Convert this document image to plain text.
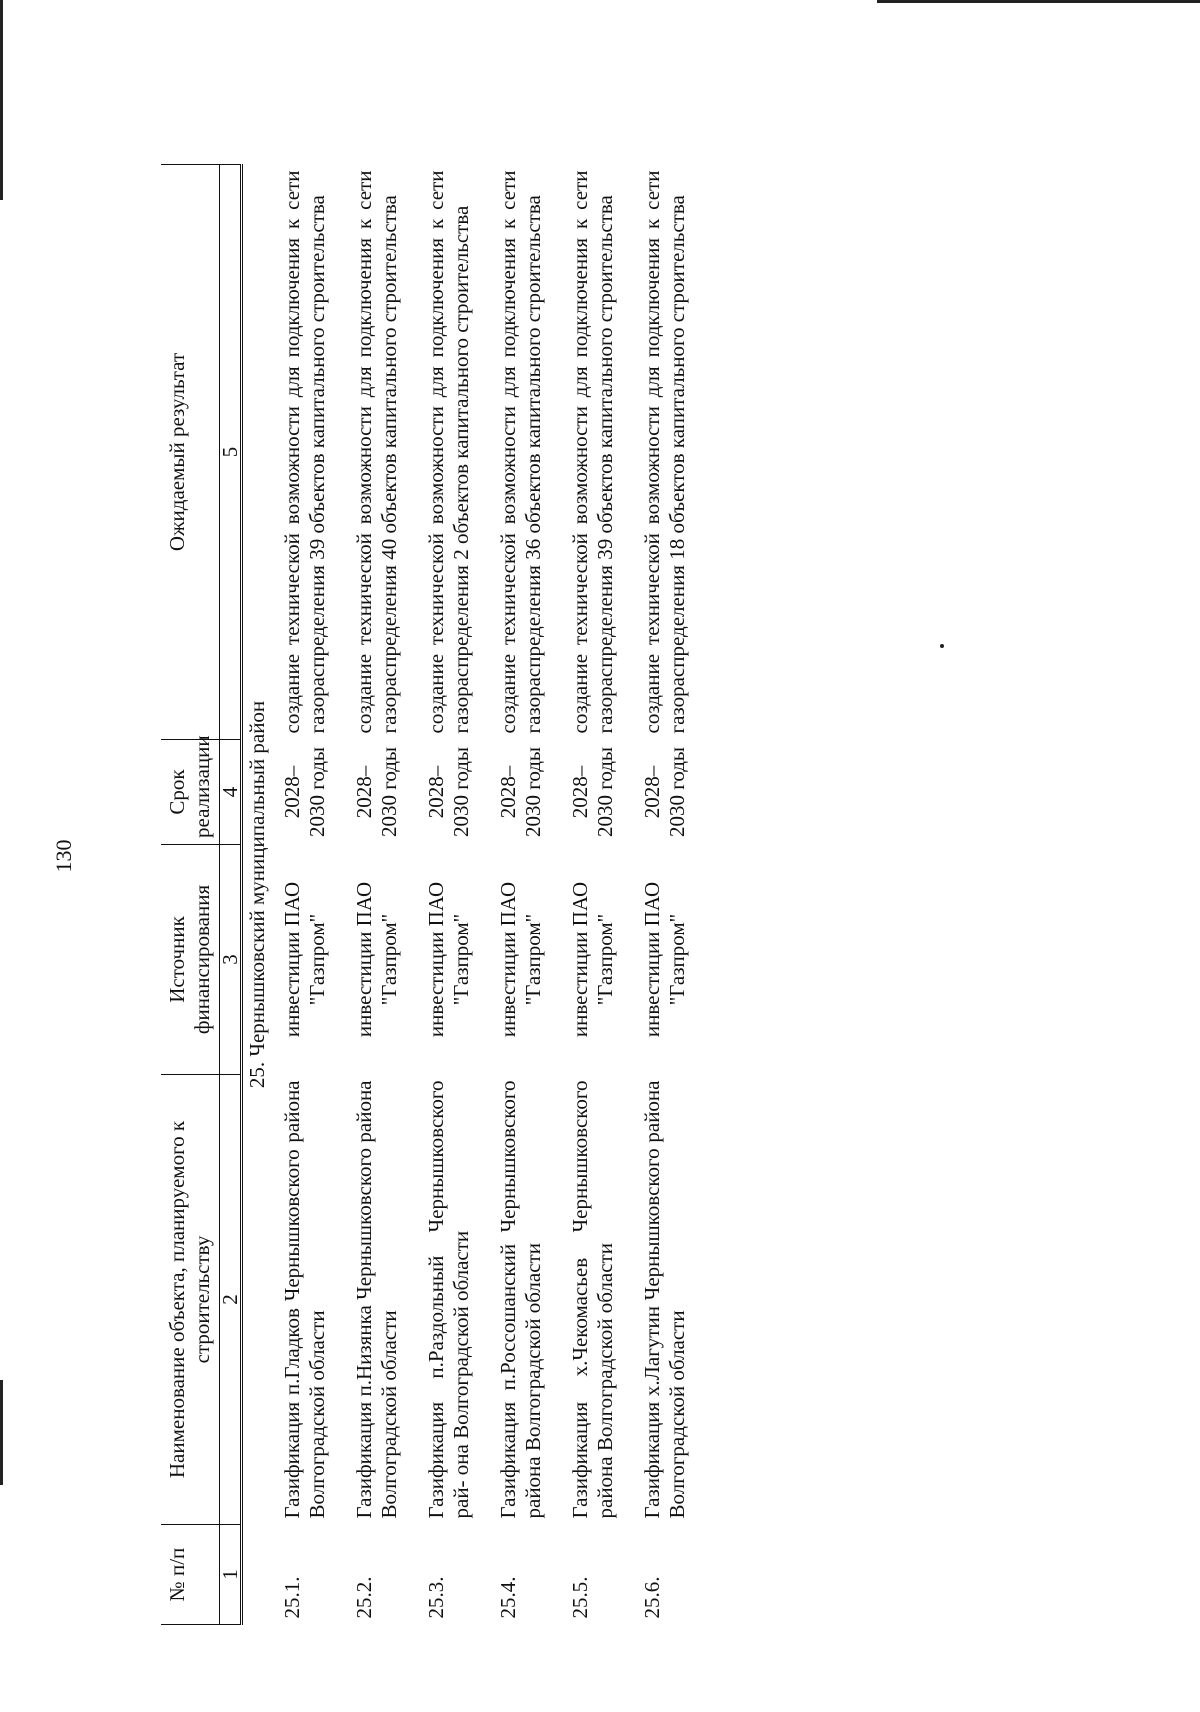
130
№ п/п	Наименование объекта, планируемого к строительству	Источник финансирования	Срок реализации	Ожидаемый результат
1	2	3	4	5
25. Чернышковский муниципальный район				
25.1.	Газификация п.Гладков Чернышковского района Волгоградской области	инвестиции ПАО "Газпром"	2028–2030 годы	создание технической возможности для подключения к сети газораспределения 39 объектов капитального строительства
25.2.	Газификация п.Низянка Чернышковского района Волгоградской области	инвестиции ПАО "Газпром"	2028–2030 годы	создание технической возможности для подключения к сети газораспределения 40 объектов капитального строительства
25.3.	Газификация п.Раздольный Чернышковского рай- она Волгоградской области	инвестиции ПАО "Газпром"	2028–2030 годы	создание технической возможности для подключения к сети газораспределения 2 объектов капитального строительства
25.4.	Газификация п.Россошанский Чернышковского района Волгоградской области	инвестиции ПАО "Газпром"	2028–2030 годы	создание технической возможности для подключения к сети газораспределения 36 объектов капитального строительства
25.5.	Газификация х.Чекомасьев Чернышковского района Волгоградской области	инвестиции ПАО "Газпром"	2028–2030 годы	создание технической возможности для подключения к сети газораспределения 39 объектов капитального строительства
25.6.	Газификация х.Лагутин Чернышковского района Волгоградской области	инвестиции ПАО "Газпром"	2028–2030 годы	создание технической возможности для подключения к сети газораспределения 18 объектов капитального строительства
